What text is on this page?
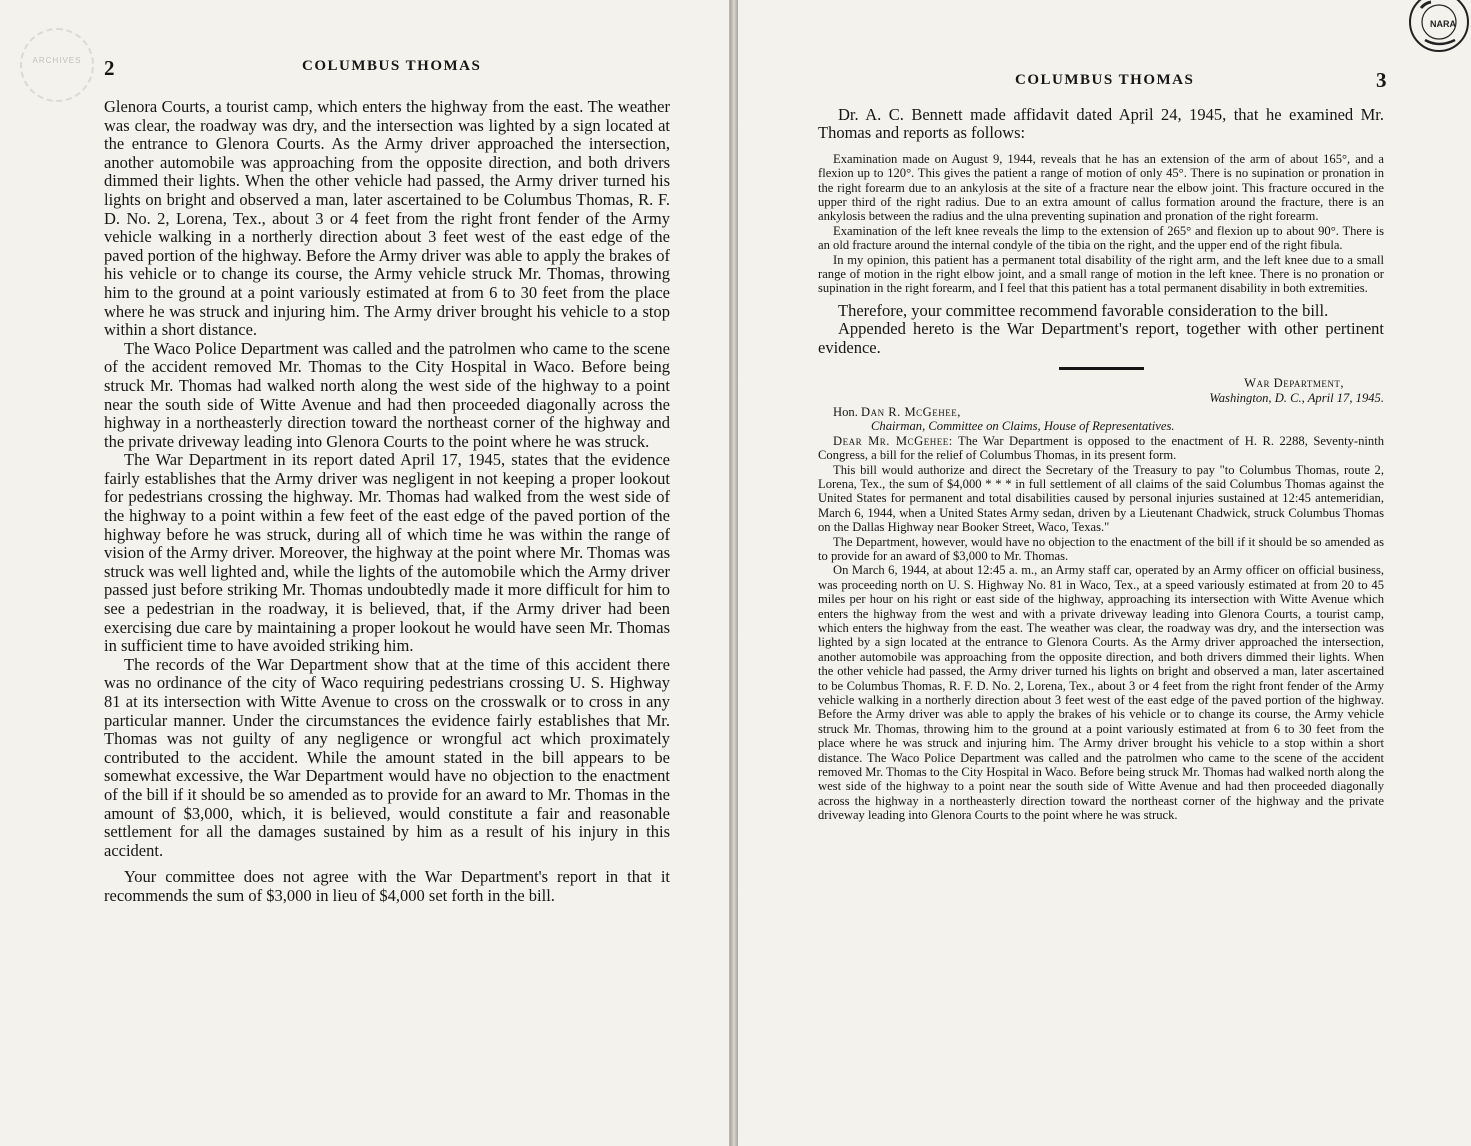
ARCHIVES	2	COLUMBUS THOMAS

Glenora Courts, a tourist camp, which enters the highway from the east. The weather was clear, the roadway was dry, and the intersection was lighted by a sign located at the entrance to Glenora Courts. As the Army driver approached the intersection, another automobile was approaching from the opposite direction, and both drivers dimmed their lights. When the other vehicle had passed, the Army driver turned his lights on bright and observed a man, later ascertained to be Columbus Thomas, R. F. D. No. 2, Lorena, Tex., about 3 or 4 feet from the right front fender of the Army vehicle walking in a northerly direction about 3 feet west of the east edge of the paved portion of the highway. Before the Army driver was able to apply the brakes of his vehicle or to change its course, the Army vehicle struck Mr. Thomas, throwing him to the ground at a point variously estimated at from 6 to 30 feet from the place where he was struck and injuring him. The Army driver brought his vehicle to a stop within a short distance.

The Waco Police Department was called and the patrolmen who came to the scene of the accident removed Mr. Thomas to the City Hospital in Waco. Before being struck Mr. Thomas had walked north along the west side of the highway to a point near the south side of Witte Avenue and had then proceeded diagonally across the highway in a northeasterly direction toward the northeast corner of the highway and the private driveway leading into Glenora Courts to the point where he was struck.

The War Department in its report dated April 17, 1945, states that the evidence fairly establishes that the Army driver was negligent in not keeping a proper lookout for pedestrians crossing the highway. Mr. Thomas had walked from the west side of the highway to a point within a few feet of the east edge of the paved portion of the highway before he was struck, during all of which time he was within the range of vision of the Army driver. Moreover, the highway at the point where Mr. Thomas was struck was well lighted and, while the lights of the automobile which the Army driver passed just before striking Mr. Thomas undoubtedly made it more difficult for him to see a pedestrian in the roadway, it is believed, that, if the Army driver had been exercising due care by maintaining a proper lookout he would have seen Mr. Thomas in sufficient time to have avoided striking him.

The records of the War Department show that at the time of this accident there was no ordinance of the city of Waco requiring pedestrians crossing U. S. Highway 81 at its intersection with Witte Avenue to cross on the crosswalk or to cross in any particular manner. Under the circumstances the evidence fairly establishes that Mr. Thomas was not guilty of any negligence or wrongful act which proximately contributed to the accident. While the amount stated in the bill appears to be somewhat excessive, the War Department would have no objection to the enactment of the bill if it should be so amended as to provide for an award to Mr. Thomas in the amount of $3,000, which, it is believed, would constitute a fair and reasonable settlement for all the damages sustained by him as a result of his injury in this accident.

Your committee does not agree with the War Department's report in that it recommends the sum of $3,000 in lieu of $4,000 set forth in the bill.

NARA
COLUMBUS THOMAS	3

Dr. A. C. Bennett made affidavit dated April 24, 1945, that he examined Mr. Thomas and reports as follows:

Examination made on August 9, 1944, reveals that he has an extension of the arm of about 165°, and a flexion up to 120°. This gives the patient a range of motion of only 45°. There is no supination or pronation in the right forearm due to an ankylosis at the site of a fracture near the elbow joint. This fracture occured in the upper third of the right radius. Due to an extra amount of callus formation around the fracture, there is an ankylosis between the radius and the ulna preventing supination and pronation of the right forearm.

Examination of the left knee reveals the limp to the extension of 265° and flexion up to about 90°. There is an old fracture around the internal condyle of the tibia on the right, and the upper end of the right fibula.

In my opinion, this patient has a permanent total disability of the right arm, and the left knee due to a small range of motion in the right elbow joint, and a small range of motion in the left knee. There is no pronation or supination in the right forearm, and I feel that this patient has a total permanent disability in both extremities.

Therefore, your committee recommend favorable consideration to the bill.

Appended hereto is the War Department's report, together with other pertinent evidence.

War Department,
Washington, D. C., April 17, 1945.

Hon. Dan R. McGehee,

Chairman, Committee on Claims, House of Representatives.

Dear Mr. McGehee: The War Department is opposed to the enactment of H. R. 2288, Seventy-ninth Congress, a bill for the relief of Columbus Thomas, in its present form.

This bill would authorize and direct the Secretary of the Treasury to pay "to Columbus Thomas, route 2, Lorena, Tex., the sum of $4,000 * * * in full settlement of all claims of the said Columbus Thomas against the United States for permanent and total disabilities caused by personal injuries sustained at 12:45 antemeridian, March 6, 1944, when a United States Army sedan, driven by a Lieutenant Chadwick, struck Columbus Thomas on the Dallas Highway near Booker Street, Waco, Texas."

The Department, however, would have no objection to the enactment of the bill if it should be so amended as to provide for an award of $3,000 to Mr. Thomas.

On March 6, 1944, at about 12:45 a. m., an Army staff car, operated by an Army officer on official business, was proceeding north on U. S. Highway No. 81 in Waco, Tex., at a speed variously estimated at from 20 to 45 miles per hour on his right or east side of the highway, approaching its intersection with Witte Avenue which enters the highway from the west and with a private driveway leading into Glenora Courts, a tourist camp, which enters the highway from the east. The weather was clear, the roadway was dry, and the intersection was lighted by a sign located at the entrance to Glenora Courts. As the Army driver approached the intersection, another automobile was approaching from the opposite direction, and both drivers dimmed their lights. When the other vehicle had passed, the Army driver turned his lights on bright and observed a man, later ascertained to be Columbus Thomas, R. F. D. No. 2, Lorena, Tex., about 3 or 4 feet from the right front fender of the Army vehicle walking in a northerly direction about 3 feet west of the east edge of the paved portion of the highway. Before the Army driver was able to apply the brakes of his vehicle or to change its course, the Army vehicle struck Mr. Thomas, throwing him to the ground at a point variously estimated at from 6 to 30 feet from the place where he was struck and injuring him. The Army driver brought his vehicle to a stop within a short distance. The Waco Police Department was called and the patrolmen who came to the scene of the accident removed Mr. Thomas to the City Hospital in Waco. Before being struck Mr. Thomas had walked north along the west side of the highway to a point near the south side of Witte Avenue and had then proceeded diagonally across the highway in a northeasterly direction toward the northeast corner of the highway and the private driveway leading into Glenora Courts to the point where he was struck.
